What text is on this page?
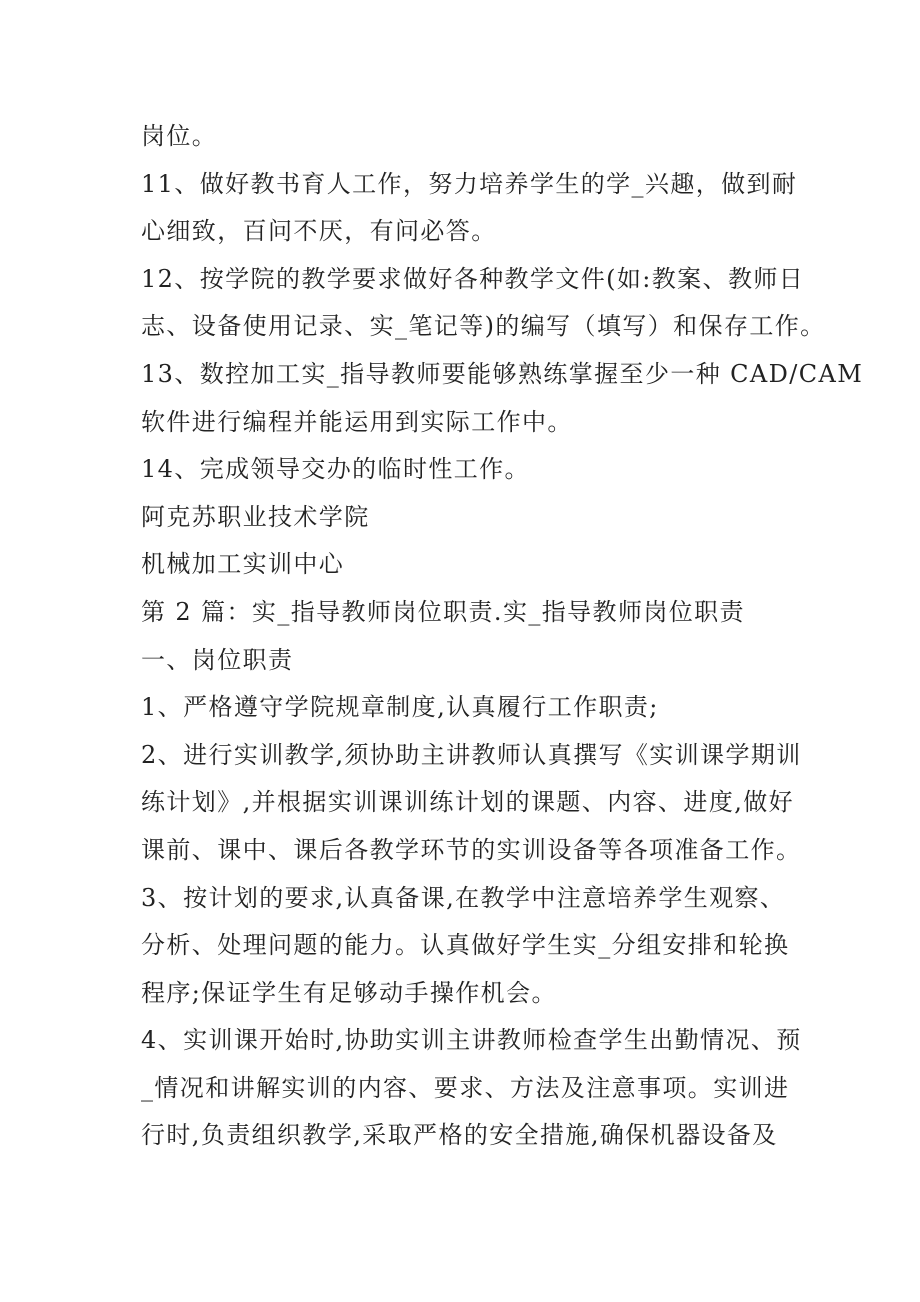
岗位。
11、做好教书育人工作，努力培养学生的学_兴趣，做到耐
心细致，百问不厌，有问必答。
12、按学院的教学要求做好各种教学文件(如:教案、教师日
志、设备使用记录、实_笔记等)的编写（填写）和保存工作。
13、数控加工实_指导教师要能够熟练掌握至少一种 CAD/CAM
软件进行编程并能运用到实际工作中。
14、完成领导交办的临时性工作。
阿克苏职业技术学院
机械加工实训中心
第 2 篇：实_指导教师岗位职责.实_指导教师岗位职责
一、岗位职责
1、严格遵守学院规章制度,认真履行工作职责;
2、进行实训教学,须协助主讲教师认真撰写《实训课学期训
练计划》,并根据实训课训练计划的课题、内容、进度,做好
课前、课中、课后各教学环节的实训设备等各项准备工作。
3、按计划的要求,认真备课,在教学中注意培养学生观察、
分析、处理问题的能力。认真做好学生实_分组安排和轮换
程序;保证学生有足够动手操作机会。
4、实训课开始时,协助实训主讲教师检查学生出勤情况、预
_情况和讲解实训的内容、要求、方法及注意事项。实训进
行时,负责组织教学,采取严格的安全措施,确保机器设备及
